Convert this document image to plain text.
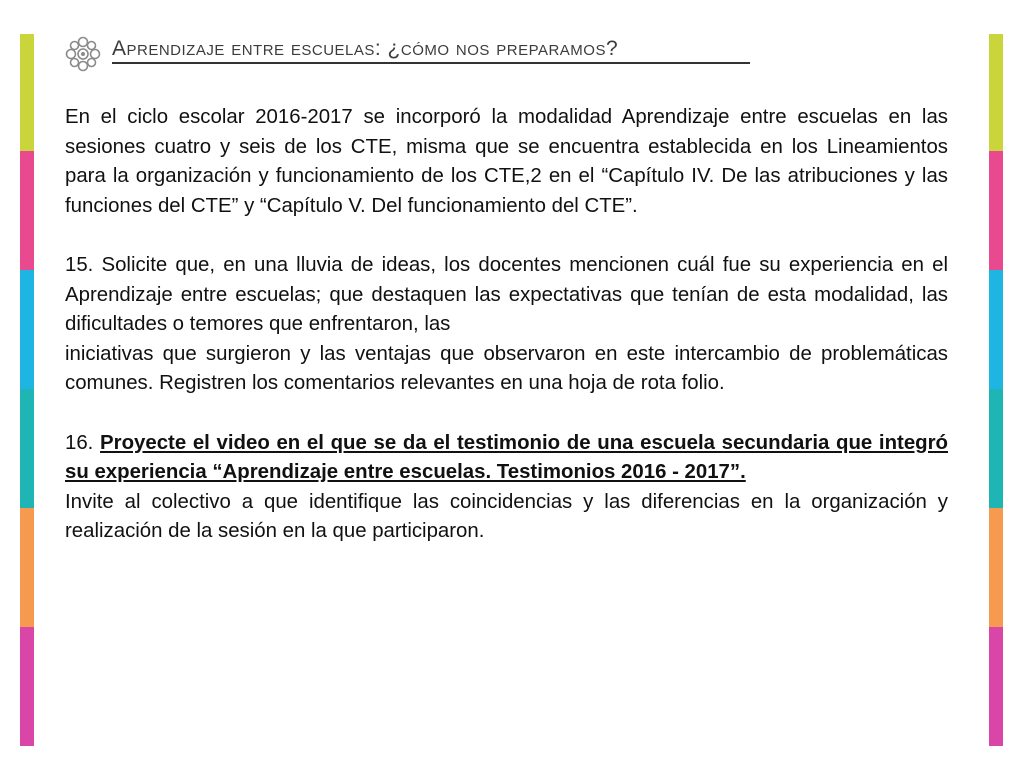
Aprendizaje entre escuelas: ¿cómo nos preparamos?

En el ciclo escolar 2016-2017 se incorporó la modalidad Aprendizaje entre escuelas en las sesiones cuatro y seis de los CTE, misma que se encuentra establecida en los Lineamientos para la organización y funcionamiento de los CTE,2 en el “Capítulo IV. De las atribuciones y las funciones del CTE” y “Capítulo V. Del funcionamiento del CTE”.

15. Solicite que, en una lluvia de ideas, los docentes mencionen cuál fue su experiencia en el Aprendizaje entre escuelas; que destaquen las expectativas que tenían de esta modalidad, las dificultades o temores que enfrentaron, las

iniciativas que surgieron y las ventajas que observaron en este intercambio de problemáticas comunes. Registren los comentarios relevantes en una hoja de rota folio.

16. Proyecte el video en el que se da el testimonio de una escuela secundaria que integró su experiencia “Aprendizaje entre escuelas. Testimonios 2016 - 2017”.

Invite al colectivo a que identifique las coincidencias y las diferencias en la organización y realización de la sesión en la que participaron.
